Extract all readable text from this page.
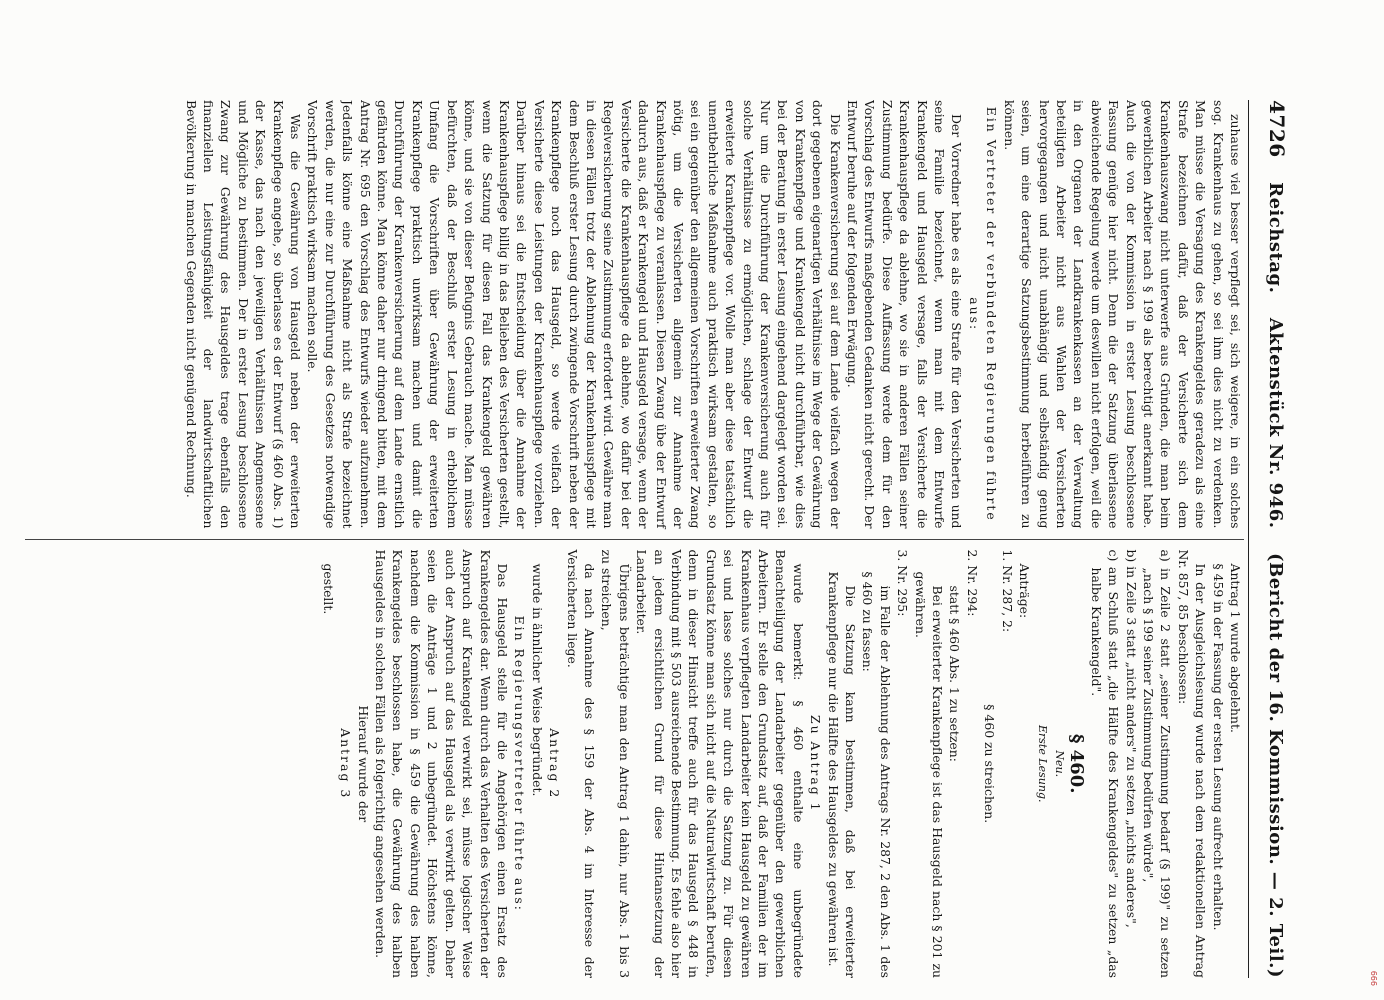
666
4726
Reichstag.
Aktenstück Nr. 946.
(Bericht der 16. Kommission. — 2. Teil.)

zuhause viel besser verpflegt sei, sich weigere, in ein solches sog. Krankenhaus zu gehen, so sei ihm dies nicht zu verdenken. Man müsse die Versagung des Krankengeldes geradezu als eine Strafe bezeichnen dafür, daß der Versicherte sich dem Krankenhauszwang nicht unterwerfe aus Gründen, die man beim gewerblichen Arbeiter nach § 199 als berechtigt anerkannt habe. Auch die von der Kommission in erster Lesung beschlossene Fassung genüge hier nicht. Denn die der Satzung überlassene abweichende Regelung werde um deswillen nicht erfolgen, weil die in den Organen der Landkrankenkassen an der Verwaltung beteiligten Arbeiter nicht aus Wahlen der Versicherten hervorgegangen und nicht unabhängig und selbständig genug seien, um eine derartige Satzungsbestimmung herbeiführen zu können.

Ein Vertreter der verbündeten Regierungen führte aus:

Der Vorredner habe es als eine Strafe für den Versicherten und seine Familie bezeichnet, wenn man mit dem Entwurfe Krankengeld und Hausgeld versage, falls der Versicherte die Krankenhauspflege da ablehne, wo sie in anderen Fällen seiner Zustimmung bedürfe. Diese Auffassung werde dem für den Vorschlag des Entwurfs maßgebenden Gedanken nicht gerecht. Der Entwurf beruhe auf der folgenden Erwägung.

Die Krankenversicherung sei auf dem Lande vielfach wegen der dort gegebenen eigenartigen Verhältnisse im Wege der Gewährung von Krankenpflege und Krankengeld nicht durchführbar, wie dies bei der Beratung in erster Lesung eingehend dargelegt worden sei. Nur um die Durchführung der Krankenversicherung auch für solche Verhältnisse zu ermöglichen, schlage der Entwurf die erweiterte Krankenpflege vor. Wolle man aber diese tatsächlich unentbehrliche Maßnahme auch praktisch wirksam gestalten, so sei ein gegenüber den allgemeinen Vorschriften erweiterter Zwang nötig, um die Versicherten allgemein zur Annahme der Krankenhauspflege zu veranlassen. Diesen Zwang übe der Entwurf dadurch aus, daß er Krankengeld und Hausgeld versage, wenn der Versicherte die Krankenhauspflege da ablehne, wo dafür bei der Regelversicherung seine Zustimmung erfordert wird. Gewähre man in diesen Fällen trotz der Ablehnung der Krankenhauspflege mit dem Beschluß erster Lesung durch zwingende Vorschrift neben der Krankenpflege noch das Hausgeld, so werde vielfach der Versicherte diese Leistungen der Krankenhauspflege vorziehen. Darüber hinaus sei die Entscheidung über die Annahme der Krankenhauspflege billig in das Belieben des Versicherten gestellt, wenn die Satzung für diesen Fall das Krankengeld gewähren könne, und sie von dieser Befugnis Gebrauch mache. Man müsse befürchten, daß der Beschluß erster Lesung in erheblichem Umfang die Vorschriften über Gewährung der erweiterten Krankenpflege praktisch unwirksam machen und damit die Durchführung der Krankenversicherung auf dem Lande ernstlich gefährden könne. Man könne daher nur dringend bitten, mit dem Antrag Nr. 695 den Vorschlag des Entwurfs wieder aufzunehmen. Jedenfalls könne eine Maßnahme nicht als Strafe bezeichnet werden, die nur eine zur Durchführung des Gesetzes notwendige Vorschrift praktisch wirksam machen solle.

Was die Gewährung von Hausgeld neben der erweiterten Krankenpflege angehe, so überlasse es der Entwurf (§ 460 Abs. 1) der Kasse, das nach den jeweiligen Verhältnissen Angemessene und Mögliche zu bestimmen. Der in erster Lesung beschlossene Zwang zur Gewährung des Hausgeldes trage ebenfalls den finanziellen Leistungsfähigkeit der landwirtschaftlichen Bevölkerung in manchen Gegenden nicht genügend Rechnung.

Antrag 1 wurde abgelehnt.

§ 459 in der Fassung der ersten Lesung aufrecht erhalten.

In der Ausgleichslesung wurde nach dem redaktionellen Antrag Nr. 857, 85 beschlossen:

a) in Zeile 2 statt „seiner Zustimmung bedarf (§ 199)" zu setzen „nach § 199 seiner Zustimmung bedürfen würde",

b) in Zeile 3 statt „nicht anders" zu setzen „nichts anderes",

c) am Schluß statt „die Hälfte des Krankengeldes" zu setzen „das halbe Krankengeld".

§ 460.
Neu.
Erste Lesung.

Anträge:

1. Nr. 287, 2:

§ 460 zu streichen.

2. Nr. 294:

statt § 460 Abs. 1 zu setzen:

Bei erweiterter Krankenpflege ist das Hausgeld nach § 201 zu gewähren.

3. Nr. 295:

im Falle der Ablehnung des Antrags Nr. 287, 2 den Abs. 1 des § 460 zu fassen:

Die Satzung kann bestimmen, daß bei erweiterter Krankenpflege nur die Hälfte des Hausgeldes zu gewähren ist.

Zu Antrag 1

wurde bemerkt: § 460 enthalte eine unbegründete Benachteiligung der Landarbeiter gegenüber den gewerblichen Arbeitern. Er stelle den Grundsatz auf, daß der Familien der im Krankenhaus verpflegten Landarbeiter kein Hausgeld zu gewähren sei und lasse solches nur durch die Satzung zu. Für diesen Grundsatz könne man sich nicht auf die Naturalwirtschaft berufen, denn in dieser Hinsicht treffe auch für das Hausgeld § 448 in Verbindung mit § 503 ausreichende Bestimmung. Es fehle also hier an jedem ersichtlichen Grund für diese Hintansetzung der Landarbeiter.

Übrigens beträchtige man den Antrag 1 dahin, nur Abs. 1 bis 3 zu streichen,

da nach Annahme des § 159 der Abs. 4 im Interesse der Versicherten liege.

Antrag 2

wurde in ähnlicher Weise begründet.

Ein Regierungsvertreter führte aus:

Das Hausgeld stelle für die Angehörigen einen Ersatz des Krankengeldes dar. Wenn durch das Verhalten des Versicherten der Anspruch auf Krankengeld verwirkt sei, müsse logischer Weise auch der Anspruch auf das Hausgeld als verwirkt gelten. Daher seien die Anträge 1 und 2 unbegründet. Höchstens könne, nachdem die Kommission in § 459 die Gewährung des halben Krankengeldes beschlossen habe, die Gewährung des halben Hausgeldes in solchen Fällen als folgerichtig angesehen werden.

Hierauf wurde der

Antrag 3

gestellt.
